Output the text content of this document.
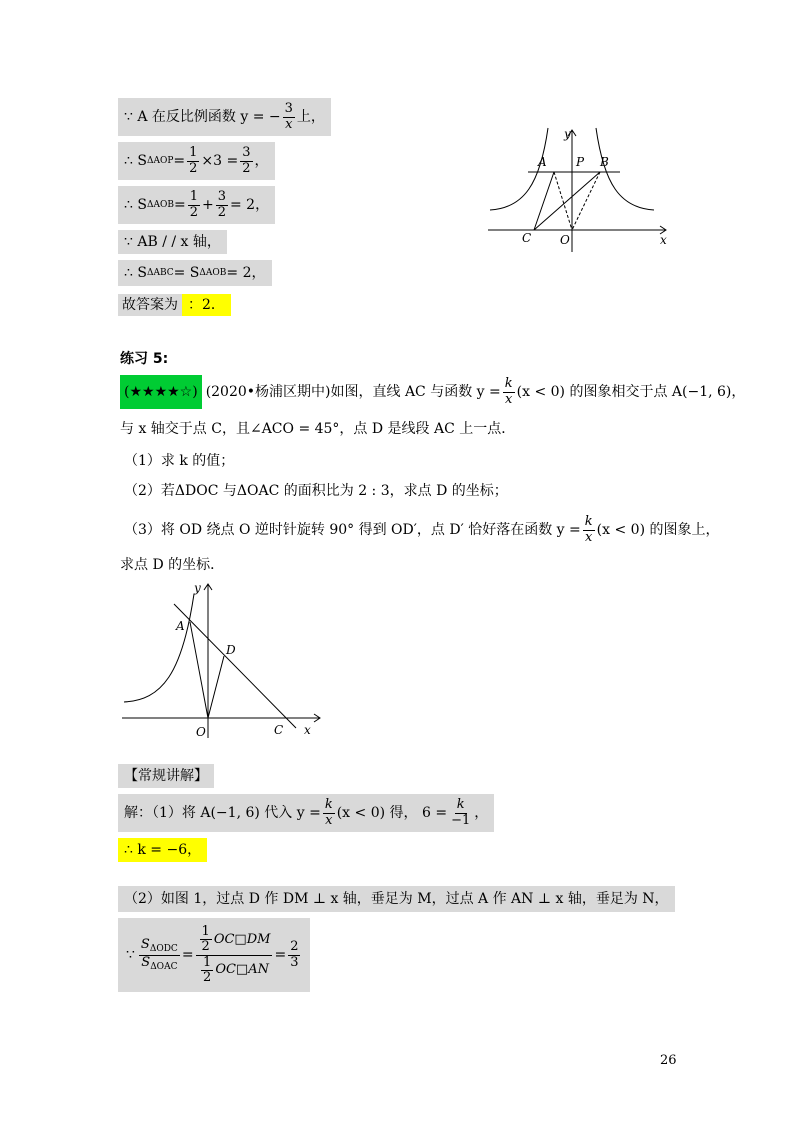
∵ A 在反比例函数 y = − $\frac{3}{x}$ 上，
∴ S $\Delta AOP = \frac{1}{2} \times 3 = \frac{3}{2}$ ，
∴ S $\Delta AOB = \frac{1}{2} + \frac{3}{2} = 2$，
∵ AB / / x 轴，
∴ S ΔABC = S ΔAOB = 2，
故答案为 ：2．
A P B
C O
y
x
练习 5:
(★★★★☆) (2020•杨浦区期中)如图，直线 AC 与函数 $y = \frac{k}{x} (x < 0)$ 的图象相交于点 A(−1, 6)，
与 x 轴交于点 C，且∠ACO = 45°，点 D 是线段 AC 上一点．
（1）求 k 的值；
（2）若ΔDOC 与ΔOAC 的面积比为 2 : 3，求点 D 的坐标；
（3）将 OD 绕点 O 逆时针旋转 90° 得到 OD′，点 D′ 恰好落在函数 $y = \frac{k}{x} (x < 0)$ 的图象上，
求点 D 的坐标．
y
A
D
O	C x
【常规讲解】
解：（1）将 A(−1, 6) 代入 $y = \frac{k}{x} (x < 0)$ 得， $6 = \frac{k}{-1}$ ，
∴ k = −6，
（2）如图 1，过点 D 作 DM ⊥ x 轴，垂足为 M，过点 A 作 AN ⊥ x 轴，垂足为 N，
∵ $\frac{S_{\Delta ODC}}{S_{\Delta OAC}} = \frac{\frac{1}{2} OC□DM}{\frac{1}{2} OC□AN} = \frac{2}{3}$
26
